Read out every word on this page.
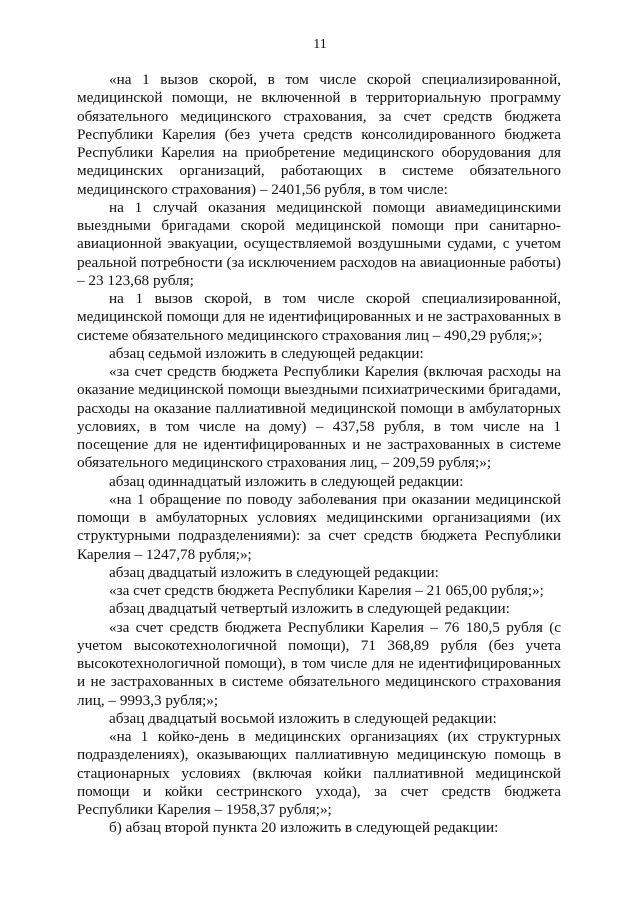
11

«на 1 вызов скорой, в том числе скорой специализированной, медицинской помощи, не включенной в территориальную программу обязательного медицинского страхования, за счет средств бюджета Республики Карелия (без учета средств консолидированного бюджета Республики Карелия на приобретение медицинского оборудования для медицинских организаций, работающих в системе обязательного медицинского страхования) – 2401,56 рубля, в том числе:

на 1 случай оказания медицинской помощи авиамедицинскими выездными бригадами скорой медицинской помощи при санитарно-авиационной эвакуации, осуществляемой воздушными судами, с учетом реальной потребности (за исключением расходов на авиационные работы) – 23 123,68 рубля;

на 1 вызов скорой, в том числе скорой специализированной, медицинской помощи для не идентифицированных и не застрахованных в системе обязательного медицинского страхования лиц – 490,29 рубля;»;

абзац седьмой изложить в следующей редакции:

«за счет средств бюджета Республики Карелия (включая расходы на оказание медицинской помощи выездными психиатрическими бригадами, расходы на оказание паллиативной медицинской помощи в амбулаторных условиях, в том числе на дому) – 437,58 рубля, в том числе на 1 посещение для не идентифицированных и не застрахованных в системе обязательного медицинского страхования лиц, – 209,59 рубля;»;

абзац одиннадцатый изложить в следующей редакции:

«на 1 обращение по поводу заболевания при оказании медицинской помощи в амбулаторных условиях медицинскими организациями (их структурными подразделениями): за счет средств бюджета Республики Карелия – 1247,78 рубля;»;

абзац двадцатый изложить в следующей редакции:

«за счет средств бюджета Республики Карелия – 21 065,00 рубля;»;

абзац двадцатый четвертый изложить в следующей редакции:

«за счет средств бюджета Республики Карелия – 76 180,5 рубля (с учетом высокотехнологичной помощи), 71 368,89 рубля (без учета высокотехнологичной помощи), в том числе для не идентифицированных и не застрахованных в системе обязательного медицинского страхования лиц, – 9993,3 рубля;»;

абзац двадцатый восьмой изложить в следующей редакции:

«на 1 койко-день в медицинских организациях (их структурных подразделениях), оказывающих паллиативную медицинскую помощь в стационарных условиях (включая койки паллиативной медицинской помощи и койки сестринского ухода), за счет средств бюджета Республики Карелия – 1958,37 рубля;»;

б) абзац второй пункта 20 изложить в следующей редакции:
